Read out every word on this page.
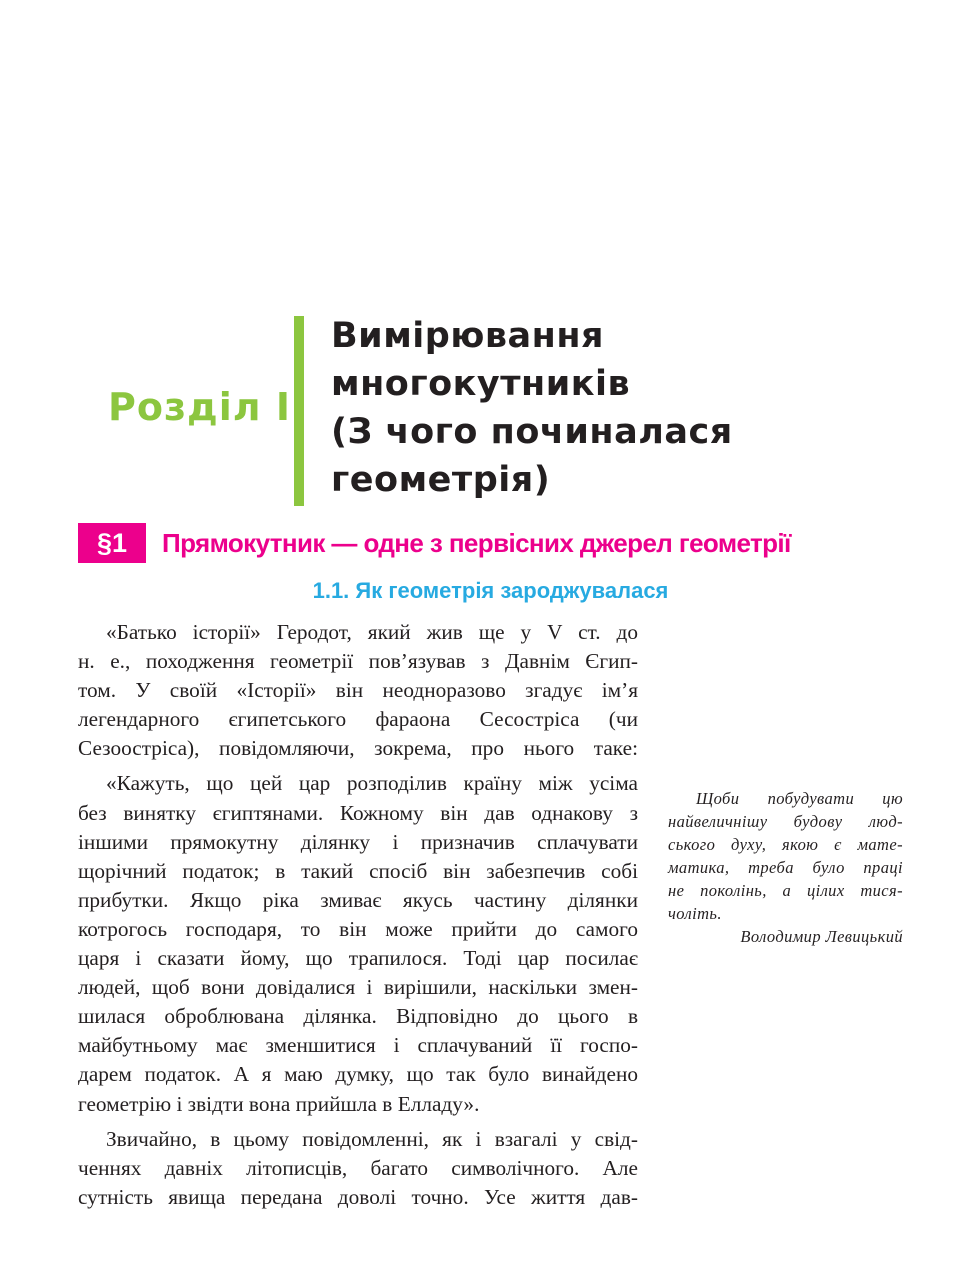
Розділ I
Вимірювання
многокутників
(З чого починалася
геометрія)
§1	Прямокутник — одне з первісних джерел геометрії
1.1. Як геометрія зароджувалася

«Батько історії» Геродот, який жив ще у V ст. до
н. е., походження геометрії пов’язував з Давнім Єгип-
том. У своїй «Історії» він неодноразово згадує ім’я
легендарного єгипетського фараона Сесостріса (чи
Сезоостріса), повідомляючи, зокрема, про нього таке:

«Кажуть, що цей цар розподілив країну між усіма
без винятку єгиптянами. Кожному він дав однакову з
іншими прямокутну ділянку і призначив сплачувати
щорічний податок; в такий спосіб він забезпечив собі
прибутки. Якщо ріка змиває якусь частину ділянки
котрогось господаря, то він може прийти до самого
царя і сказати йому, що трапилося. Тоді цар посилає
людей, щоб вони довідалися і вирішили, наскільки змен-
шилася оброблювана ділянка. Відповідно до цього в
майбутньому має зменшитися і сплачуваний її госпо-
дарем податок. А я маю думку, що так було винайдено
геометрію і звідти вона прийшла в Елладу».

Звичайно, в цьому повідомленні, як і взагалі у свід-
ченнях давніх літописців, багато символічного. Але
сутність явища передана доволі точно. Усе життя дав-

Щоби побудувати цю
найвеличнішу будову люд-
ського духу, якою є мате-
матика, треба було праці
не поколінь, а цілих тися-
чоліть.
Володимир Левицький
